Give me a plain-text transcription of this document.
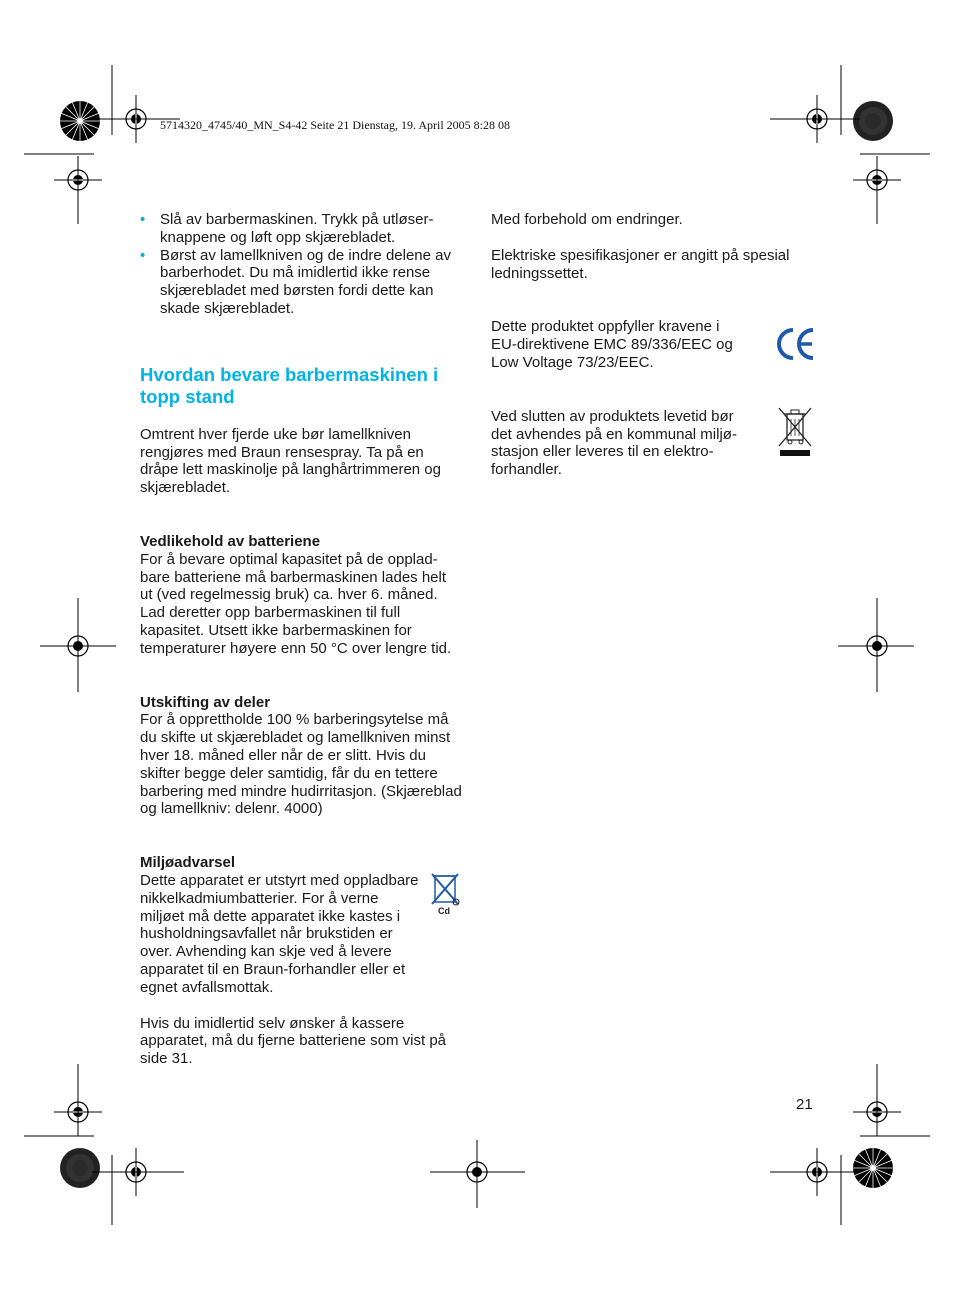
5714320_4745/40_MN_S4-42 Seite 21 Dienstag, 19. April 2005 8:28 08
• Slå av barbermaskinen. Trykk på utløser-knappene og løft opp skjærebladet.
• Børst av lamellkniven og de indre delene av barberhodet. Du må imidlertid ikke rense skjærebladet med børsten fordi dette kan skade skjærebladet.
Hvordan bevare barbermaskinen i topp stand

Omtrent hver fjerde uke bør lamellkniven rengjøres med Braun rensespray. Ta på en dråpe lett maskinolje på langhårtrimmeren og skjærebladet.

Vedlikehold av batteriene

For å bevare optimal kapasitet på de opplad-bare batteriene må barbermaskinen lades helt ut (ved regelmessig bruk) ca. hver 6. måned. Lad deretter opp barbermaskinen til full kapasitet. Utsett ikke barbermaskinen for temperaturer høyere enn 50 °C over lengre tid.

Utskifting av deler

For å opprettholde 100 % barberingsytelse må du skifte ut skjærebladet og lamellkniven minst hver 18. måned eller når de er slitt. Hvis du skifter begge deler samtidig, får du en tettere barbering med mindre hudirritasjon. (Skjæreblad og lamellkniv: delenr. 4000)

Miljøadvarsel

Cd

Dette apparatet er utstyrt med oppladbare nikkelkadmiumbatterier. For å verne miljøet må dette apparatet ikke kastes i husholdningsavfallet når brukstiden er over. Avhending kan skje ved å levere apparatet til en Braun-forhandler eller et egnet avfallsmottak.

Hvis du imidlertid selv ønsker å kassere apparatet, må du fjerne batteriene som vist på side 31.

Med forbehold om endringer.

Elektriske spesifikasjoner er angitt på spesial ledningssettet.

Dette produktet oppfyller kravene i EU-direktivene EMC 89/336/EEC og Low Voltage 73/23/EEC.

Ved slutten av produktets levetid bør det avhendes på en kommunal miljø-stasjon eller leveres til en elektro-forhandler.

21
